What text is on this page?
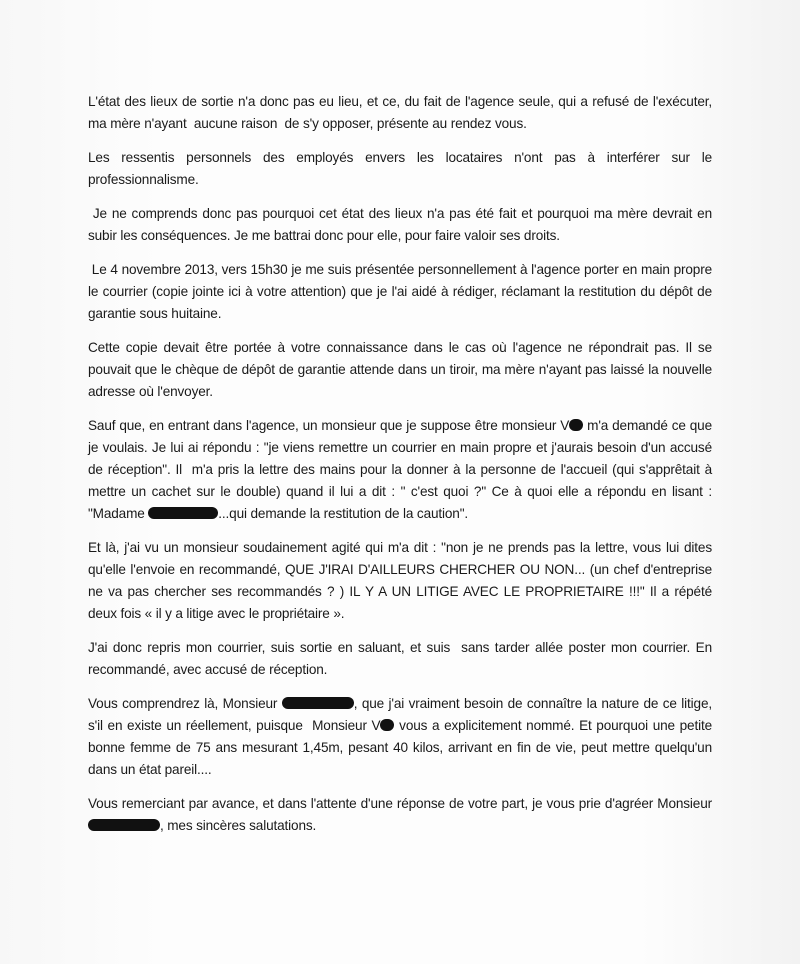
L'état des lieux de sortie n'a donc pas eu lieu, et ce, du fait de l'agence seule, qui a refusé de l'exécuter, ma mère n'ayant  aucune raison  de s'y opposer, présente au rendez vous.

Les ressentis personnels des employés envers les locataires n'ont pas à interférer sur le professionnalisme.

Je ne comprends donc pas pourquoi cet état des lieux n'a pas été fait et pourquoi ma mère devrait en subir les conséquences. Je me battrai donc pour elle, pour faire valoir ses droits.

Le 4 novembre 2013, vers 15h30 je me suis présentée personnellement à l'agence porter en main propre le courrier (copie jointe ici à votre attention) que je l'ai aidé à rédiger, réclamant la restitution du dépôt de garantie sous huitaine.

Cette copie devait être portée à votre connaissance dans le cas où l'agence ne répondrait pas. Il se pouvait que le chèque de dépôt de garantie attende dans un tiroir, ma mère n'ayant pas laissé la nouvelle adresse où l'envoyer.

Sauf que, en entrant dans l'agence, un monsieur que je suppose être monsieur V m'a demandé ce que je voulais. Je lui ai répondu : "je viens remettre un courrier en main propre et j'aurais besoin d'un accusé de réception". Il  m'a pris la lettre des mains pour la donner à la personne de l'accueil (qui s'apprêtait à mettre un cachet sur le double) quand il lui a dit : " c'est quoi ?" Ce à quoi elle a répondu en lisant : "Madame	...qui demande la restitution de la caution".

Et là, j'ai vu un monsieur soudainement agité qui m'a dit : "non je ne prends pas la lettre, vous lui dites qu'elle l'envoie en recommandé, QUE J'IRAI D'AILLEURS CHERCHER OU NON... (un chef d'entreprise ne va pas chercher ses recommandés ? ) IL Y A UN LITIGE AVEC LE PROPRIETAIRE !!!" Il a répété deux fois « il y a litige avec le propriétaire ».

J'ai donc repris mon courrier, suis sortie en saluant, et suis  sans tarder allée poster mon courrier. En recommandé, avec accusé de réception.

Vous comprendrez là, Monsieur	, que j'ai vraiment besoin de connaître la nature de ce litige, s'il en existe un réellement, puisque  Monsieur V vous a explicitement nommé. Et pourquoi une petite bonne femme de 75 ans mesurant 1,45m, pesant 40 kilos, arrivant en fin de vie, peut mettre quelqu'un dans un état pareil....

Vous remerciant par avance, et dans l'attente d'une réponse de votre part, je vous prie d'agréer Monsieur , mes sincères salutations.
